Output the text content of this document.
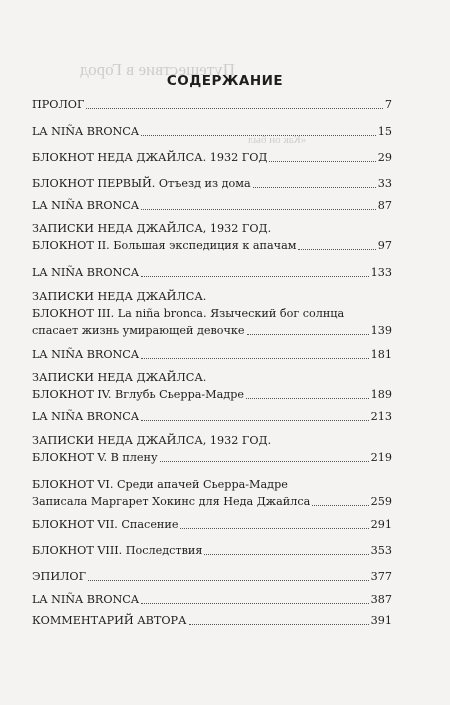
Путешествие в Город
«Как он был
СОДЕРЖАНИЕ
ПРОЛОГ	7
LA NIÑA BRONCA	15
БЛОКНОТ НЕДА ДЖАЙЛСА. 1932 ГОД	29
БЛОКНОТ ПЕРВЫЙ. Отъезд из дома	33
LA NIÑA BRONCA	87
ЗАПИСКИ НЕДА ДЖАЙЛСА, 1932 ГОД.
БЛОКНОТ II. Большая экспедиция к апачам	97
LA NIÑA BRONCA	133
ЗАПИСКИ НЕДА ДЖАЙЛСА.
БЛОКНОТ III. La niña bronca. Языческий бог солнца
спасает жизнь умирающей девочке	139
LA NIÑA BRONCA	181
ЗАПИСКИ НЕДА ДЖАЙЛСА.
БЛОКНОТ IV. Вглубь Сьерра-Мадре	189
LA NIÑA BRONCA	213
ЗАПИСКИ НЕДА ДЖАЙЛСА, 1932 ГОД.
БЛОКНОТ V. В плену	219
БЛОКНОТ VI. Среди апачей Сьерра-Мадре
Записала Маргарет Хокинс для Неда Джайлса	259
БЛОКНОТ VII. Спасение	291
БЛОКНОТ VIII. Последствия	353
ЭПИЛОГ	377
LA NIÑA BRONCA	387
КОММЕНТАРИЙ АВТОРА	391
